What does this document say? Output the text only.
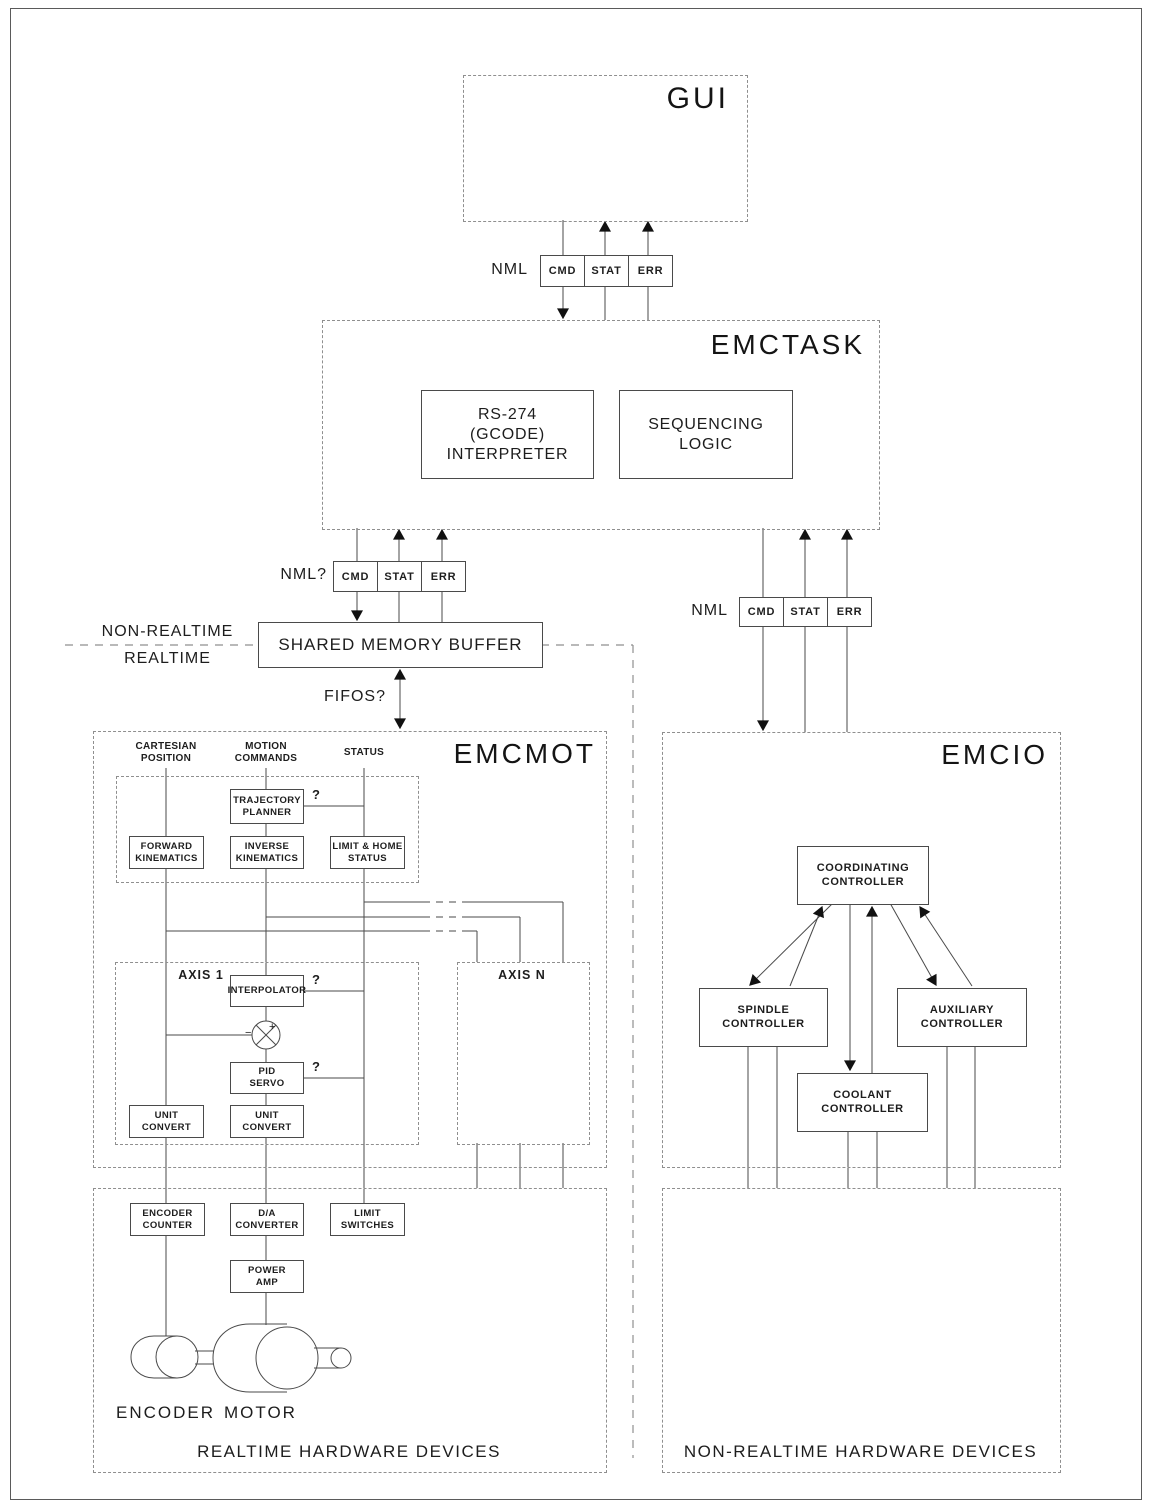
GUI
NML	CMD	STAT	ERR
EMCTASK
RS-274
(GCODE)
INTERPRETER
SEQUENCING
LOGIC
NML?	CMD	STAT	ERR
NML	CMD	STAT	ERR
NON-REALTIME
REALTIME
SHARED MEMORY BUFFER
FIFOS?
EMCMOT
CARTESIAN
POSITION
MOTION
COMMANDS
STATUS
TRAJECTORY
PLANNER
?
FORWARD
KINEMATICS
INVERSE
KINEMATICS
LIMIT & HOME
STATUS
AXIS 1
INTERPOLATOR
?
+
−
PID
SERVO
?
UNIT
CONVERT
UNIT
CONVERT
AXIS N
EMCIO
COORDINATING
CONTROLLER
SPINDLE
CONTROLLER
AUXILIARY
CONTROLLER
COOLANT
CONTROLLER
ENCODER
COUNTER
D/A
CONVERTER
LIMIT
SWITCHES
POWER
AMP
ENCODER MOTOR
REALTIME HARDWARE DEVICES	NON-REALTIME HARDWARE DEVICES
